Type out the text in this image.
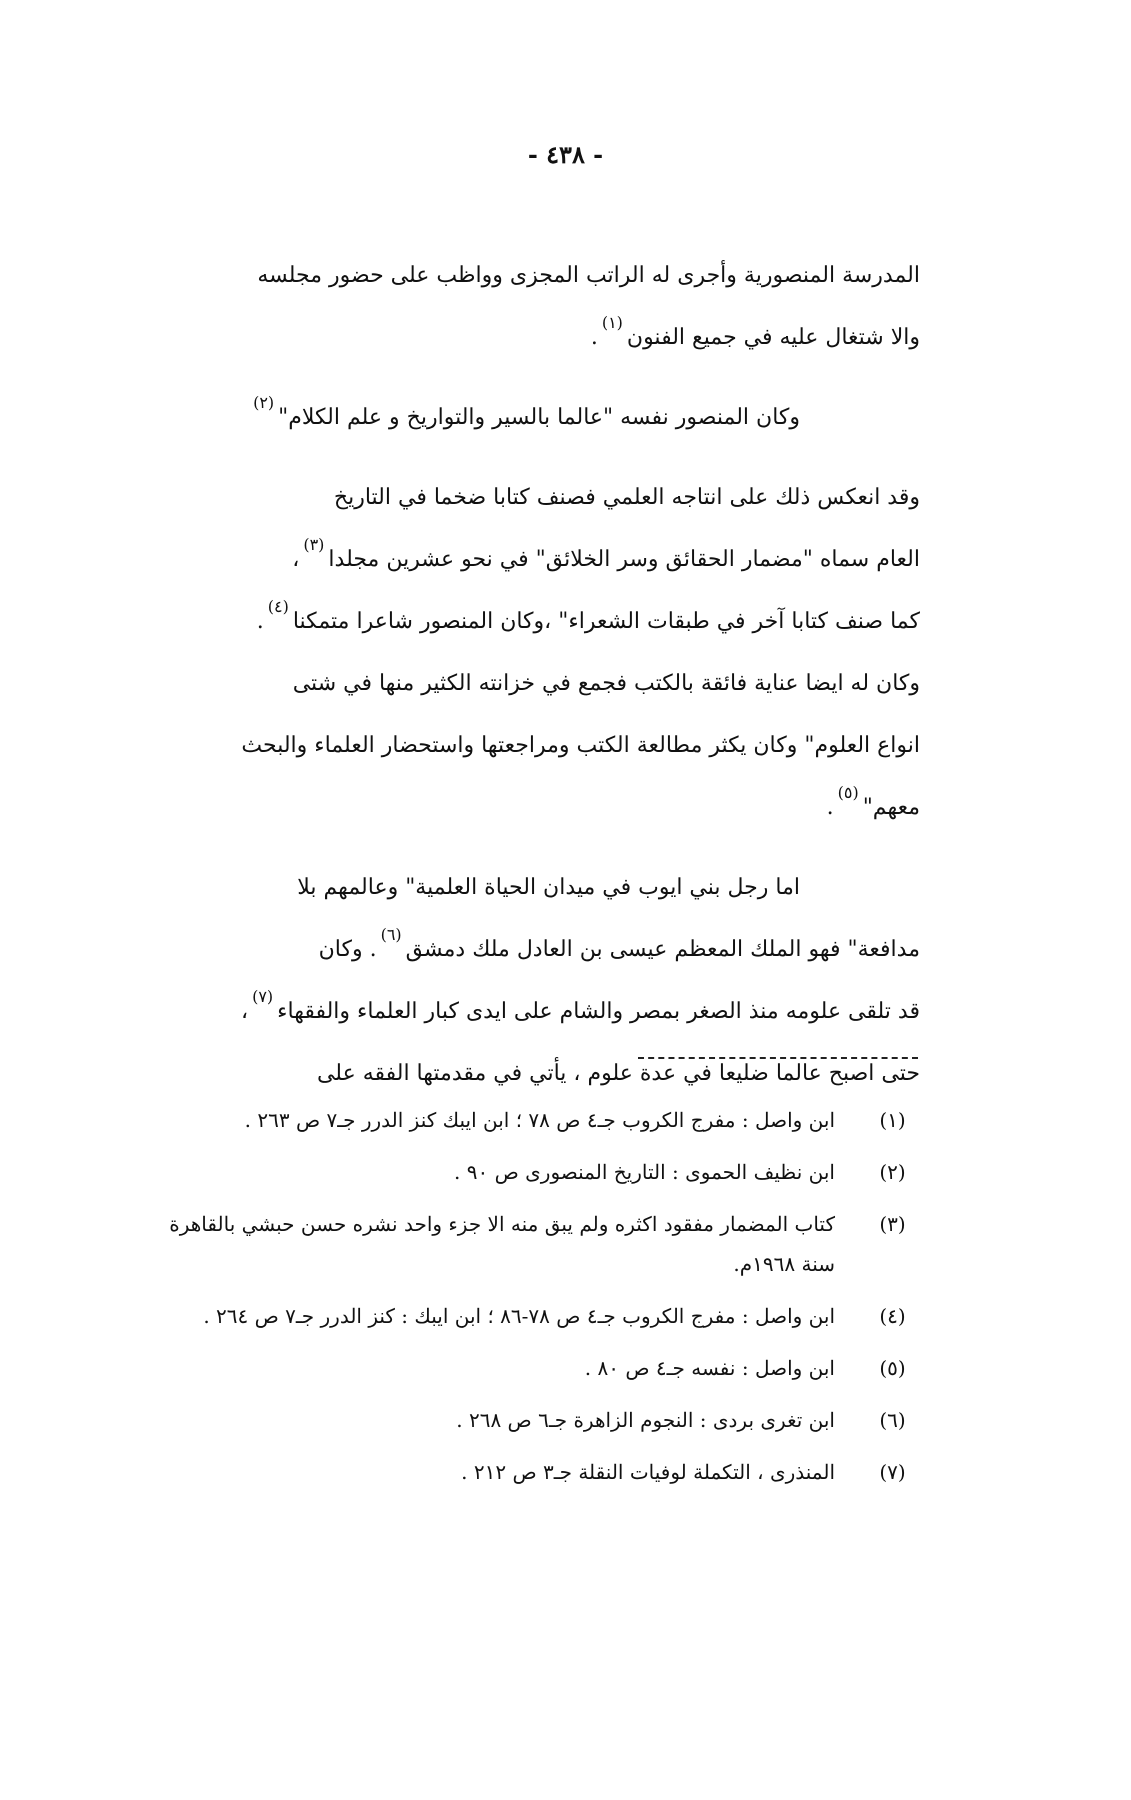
- ٤٣٨ -
المدرسة المنصورية وأجرى له الراتب المجزى وواظب على حضور مجلسه
والا شتغال عليه في جميع الفنون$^{(١)}$.
وكان المنصور نفسه "عالما بالسير والتواريخ و علم الكلام"$^{(٢)}$
وقد انعكس ذلك على انتاجه العلمي فصنف كتابا ضخما في التاريخ
العام سماه "مضمار الحقائق وسر الخلائق" في نحو عشرين مجلدا$^{(٣)}$،
كما صنف كتابا آخر في طبقات الشعراء" ،وكان المنصور شاعرا متمكنا$^{(٤)}$.
وكان له ايضا عناية فائقة بالكتب فجمع في خزانته الكثير منها في شتى
انواع العلوم" وكان يكثر مطالعة الكتب ومراجعتها واستحضار العلماء والبحث
معهم"$^{(٥)}$.
اما رجل بني ايوب في ميدان الحياة العلمية" وعالمهم بلا
مدافعة" فهو الملك المعظم عيسى بن العادل ملك دمشق$^{(٦)}$. وكان
قد تلقى علومه منذ الصغر بمصر والشام على ايدى كبار العلماء والفقهاء$^{(٧)}$،
حتى اصبح عالما ضليعا في عدة علوم ، يأتي في مقدمتها الفقه على
(١)
ابن واصل : مفرج الكروب جـ٤ ص ٧٨ ؛ ابن ايبك كنز الدرر جـ٧ ص ٢٦٣ .
(٢)
ابن نظيف الحموى : التاريخ المنصورى ص ٩٠ .
(٣)
كتاب المضمار مفقود اكثره ولم يبق منه الا جزء واحد نشره حسن حبشي بالقاهرة سنة ١٩٦٨م.
(٤)
ابن واصل : مفرج الكروب جـ٤ ص ٧٨-٨٦ ؛ ابن ايبك : كنز الدرر جـ٧ ص ٢٦٤ .
(٥)
ابن واصل : نفسه جـ٤ ص ٨٠ .
(٦)
ابن تغرى بردى : النجوم الزاهرة جـ٦ ص ٢٦٨ .
(٧)
المنذرى ، التكملة لوفيات النقلة جـ٣ ص ٢١٢ .
